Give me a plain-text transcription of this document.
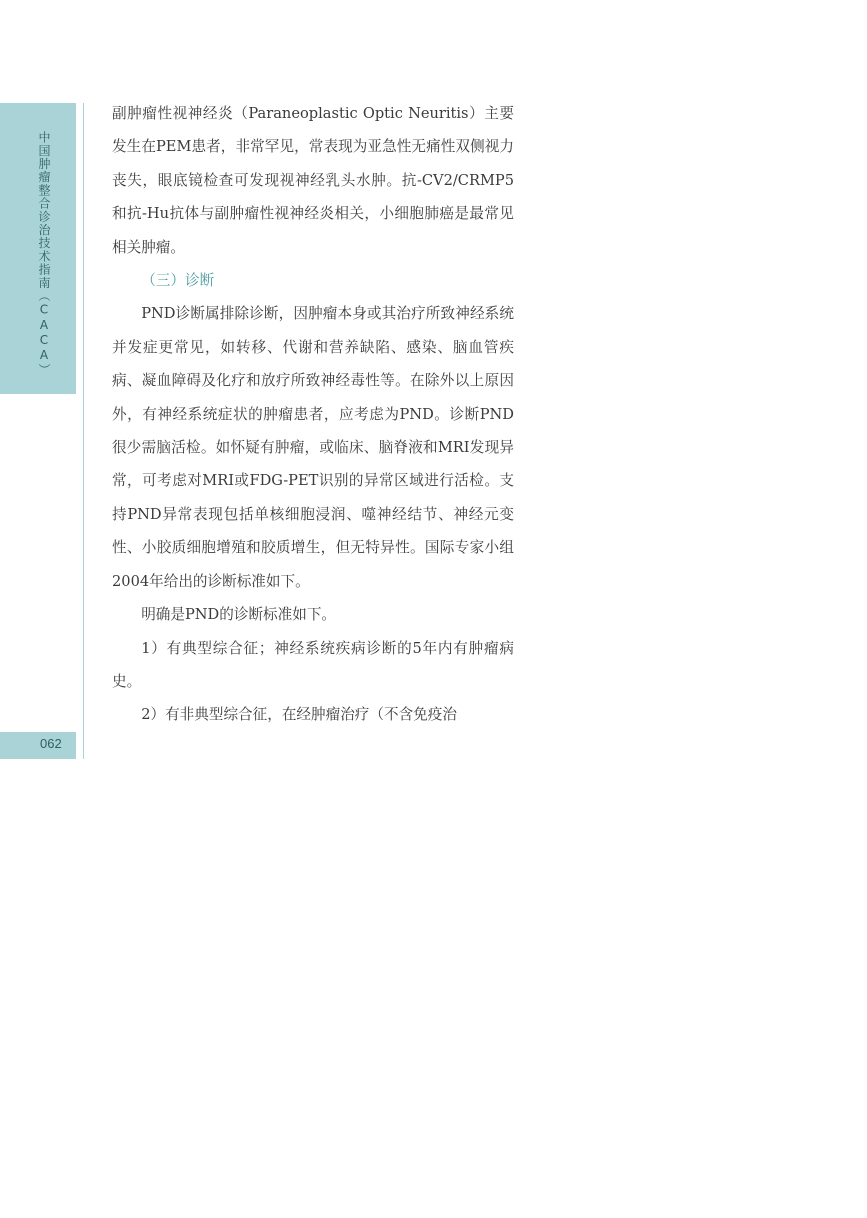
中国肿瘤整合诊治技术指南（CACA）
062

副肿瘤性视神经炎（Paraneoplastic Optic Neuritis）主要发生在PEM患者，非常罕见，常表现为亚急性无痛性双侧视力丧失，眼底镜检查可发现视神经乳头水肿。抗-CV2/CRMP5和抗-Hu抗体与副肿瘤性视神经炎相关，小细胞肺癌是最常见相关肿瘤。

（三）诊断

PND诊断属排除诊断，因肿瘤本身或其治疗所致神经系统并发症更常见，如转移、代谢和营养缺陷、感染、脑血管疾病、凝血障碍及化疗和放疗所致神经毒性等。在除外以上原因外，有神经系统症状的肿瘤患者，应考虑为PND。诊断PND很少需脑活检。如怀疑有肿瘤，或临床、脑脊液和MRI发现异常，可考虑对MRI或FDG-PET识别的异常区域进行活检。支持PND异常表现包括单核细胞浸润、噬神经结节、神经元变性、小胶质细胞增殖和胶质增生，但无特异性。国际专家小组2004年给出的诊断标准如下。

明确是PND的诊断标准如下。

1）有典型综合征；神经系统疾病诊断的5年内有肿瘤病史。

2）有非典型综合征，在经肿瘤治疗（不含免疫治
